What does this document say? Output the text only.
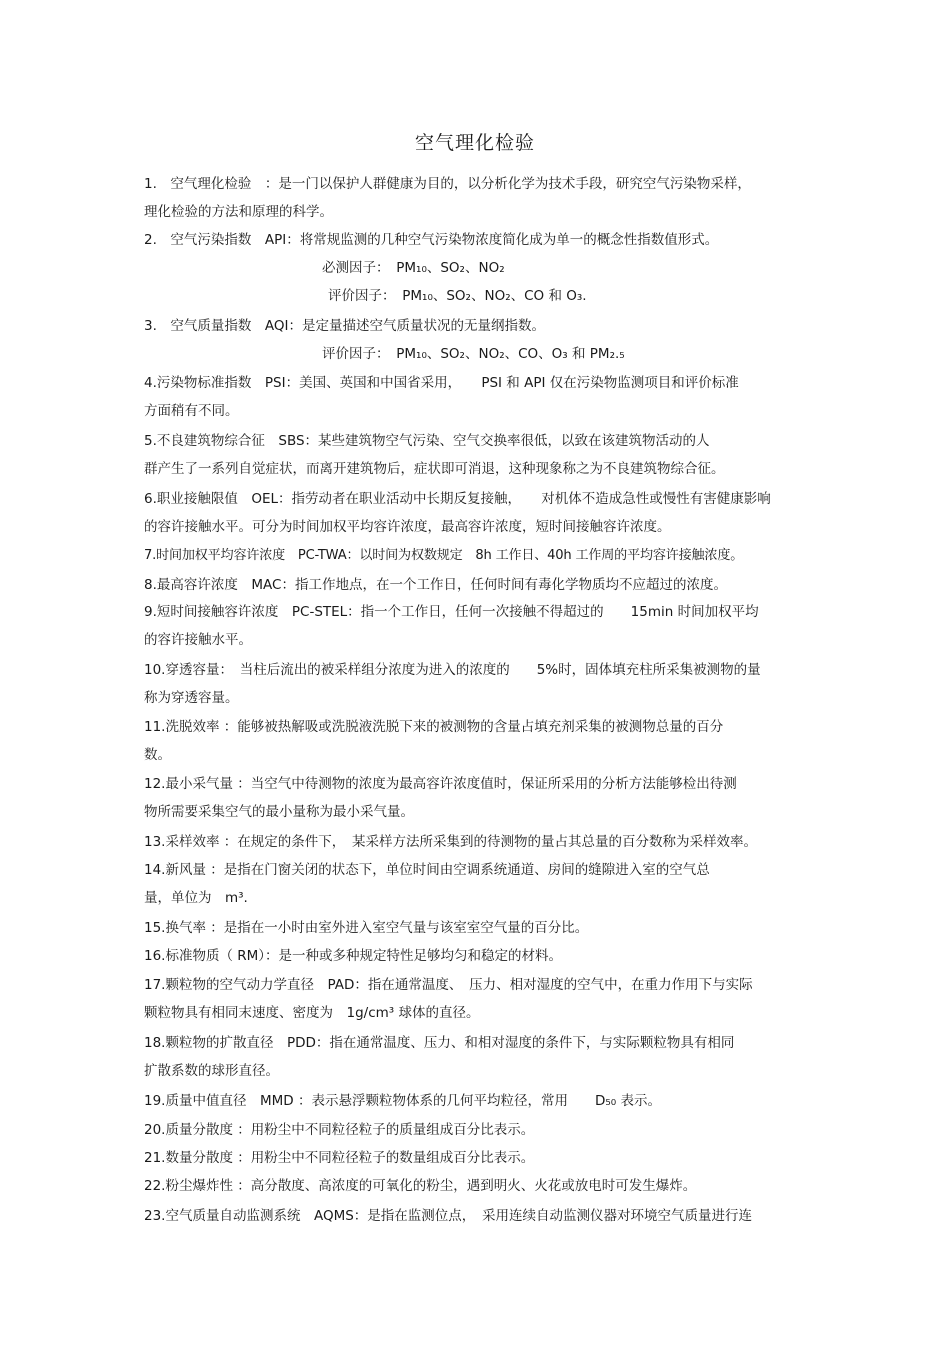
空气理化检验
1.　空气理化检验　：是一门以保护人群健康为目的，以分析化学为技术手段，研究空气污染物采样，
理化检验的方法和原理的科学。
2.　空气污染指数　API：将常规监测的几种空气污染物浓度简化成为单一的概念性指数值形式。
必测因子：　PM₁₀、SO₂、NO₂
评价因子：　PM₁₀、SO₂、NO₂、CO 和 O₃.
3.　空气质量指数　AQI：是定量描述空气质量状况的无量纲指数。
评价因子：　PM₁₀、SO₂、NO₂、CO、O₃ 和 PM₂.₅
4.污染物标准指数　PSI：美国、英国和中国省采用，　　PSI 和 API 仅在污染物监测项目和评价标准
方面稍有不同。
5.不良建筑物综合征　SBS：某些建筑物空气污染、空气交换率很低，以致在该建筑物活动的人
群产生了一系列自觉症状，而离开建筑物后，症状即可消退，这种现象称之为不良建筑物综合征。
6.职业接触限值　OEL：指劳动者在职业活动中长期反复接触，　　对机体不造成急性或慢性有害健康影响
的容许接触水平。可分为时间加权平均容许浓度，最高容许浓度，短时间接触容许浓度。
7.时间加权平均容许浓度　PC-TWA：以时间为权数规定　8h 工作日、40h 工作周的平均容许接触浓度。
8.最高容许浓度　MAC：指工作地点，在一个工作日，任何时间有毒化学物质均不应超过的浓度。
9.短时间接触容许浓度　PC-STEL：指一个工作日，任何一次接触不得超过的　　15min 时间加权平均
的容许接触水平。
10.穿透容量：　当柱后流出的被采样组分浓度为进入的浓度的　　5%时，固体填充柱所采集被测物的量
称为穿透容量。
11.洗脱效率 ：能够被热解吸或洗脱液洗脱下来的被测物的含量占填充剂采集的被测物总量的百分
数。
12.最小采气量 ：当空气中待测物的浓度为最高容许浓度值时，保证所采用的分析方法能够检出待测
物所需要采集空气的最小量称为最小采气量。
13.采样效率 ：在规定的条件下，　某采样方法所采集到的待测物的量占其总量的百分数称为采样效率。
14.新风量 ：是指在门窗关闭的状态下，单位时间由空调系统通道、房间的缝隙进入室的空气总
量，单位为　m³.
15.换气率 ：是指在一小时由室外进入室空气量与该室室空气量的百分比。
16.标准物质（ RM）：是一种或多种规定特性足够均匀和稳定的材料。
17.颗粒物的空气动力学直径　PAD：指在通常温度、　压力、相对湿度的空气中，在重力作用下与实际
颗粒物具有相同末速度、密度为　1g/cm³ 球体的直径。
18.颗粒物的扩散直径　PDD：指在通常温度、压力、和相对湿度的条件下，与实际颗粒物具有相同
扩散系数的球形直径。
19.质量中值直径　MMD ：表示悬浮颗粒物体系的几何平均粒径，常用　　D₅₀ 表示。
20.质量分散度 ：用粉尘中不同粒径粒子的质量组成百分比表示。
21.数量分散度 ：用粉尘中不同粒径粒子的数量组成百分比表示。
22.粉尘爆炸性 ：高分散度、高浓度的可氧化的粉尘，遇到明火、火花或放电时可发生爆炸。
23.空气质量自动监测系统　AQMS：是指在监测位点，　采用连续自动监测仪器对环境空气质量进行连
